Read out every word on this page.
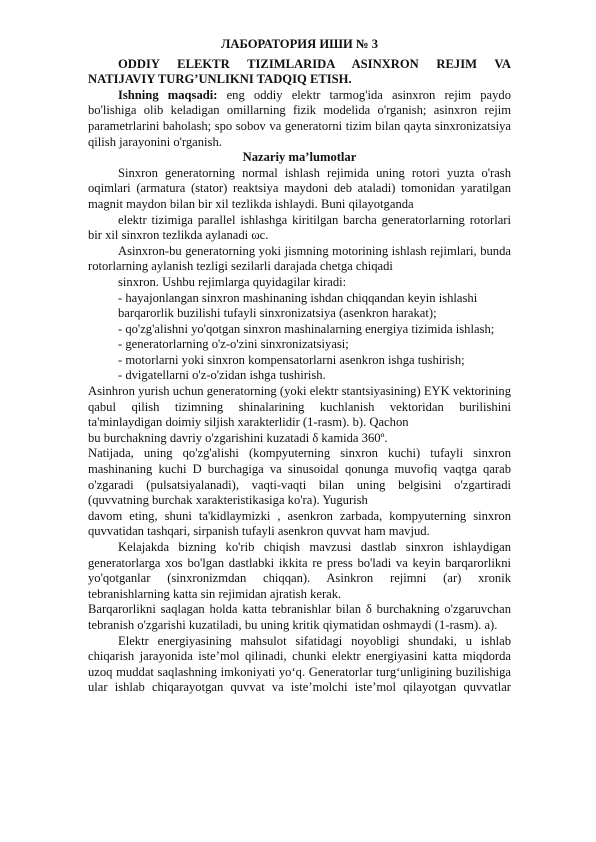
ЛАБОРАТОРИЯ ИШИ № 3
ODDIY ELEKTR TIZIMLARIDA ASINXRON REJIM VA
NATIJAVIY TURG’UNLIKNI TADQIQ ETISH.
Ishning maqsadi: eng oddiy elektr tarmog'ida asinxron rejim paydo
bo'lishiga olib keladigan omillarning fizik modelida o'rganish; asinxron rejim
parametrlarini baholash; spo sobov va generatorni tizim bilan qayta sinxronizatsiya
qilish jarayonini o'rganish.
Nazariy ma’lumotlar
Sinxron generatorning normal ishlash rejimida uning rotori yuzta o'rash
oqimlari (armatura (stator) reaktsiya maydoni deb ataladi) tomonidan yaratilgan
magnit maydon bilan bir xil tezlikda ishlaydi. Buni qilayotganda
elektr tizimiga parallel ishlashga kiritilgan barcha generatorlarning rotorlari
bir xil sinxron tezlikda aylanadi ωc.
Asinxron-bu generatorning yoki jismning motorining ishlash rejimlari, bunda
rotorlarning aylanish tezligi sezilarli darajada chetga chiqadi
sinxron. Ushbu rejimlarga quyidagilar kiradi:
- hayajonlangan sinxron mashinaning ishdan chiqqandan keyin ishlashi
barqarorlik buzilishi tufayli sinxronizatsiya (asenkron harakat);
- qo'zg'alishni yo'qotgan sinxron mashinalarning energiya tizimida ishlash;
- generatorlarning o'z-o'zini sinxronizatsiyasi;
- motorlarni yoki sinxron kompensatorlarni asenkron ishga tushirish;
- dvigatellarni o'z-o'zidan ishga tushirish.
Asinhron yurish uchun generatorning (yoki elektr stantsiyasining) EYK vektorining
qabul qilish tizimning shinalarining kuchlanish vektoridan burilishini
ta'minlaydigan doimiy siljish xarakterlidir (1-rasm). b). Qachon
bu burchakning davriy o'zgarishini kuzatadi δ kamida 360º.
Natijada, uning qo'zg'alishi (kompyuterning sinxron kuchi) tufayli sinxron
mashinaning kuchi D burchagiga va sinusoidal qonunga muvofiq vaqtga qarab
o'zgaradi (pulsatsiyalanadi), vaqti-vaqti bilan uning belgisini o'zgartiradi
(quvvatning burchak xarakteristikasiga ko'ra). Yugurish
davom eting, shuni ta'kidlaymizki , asenkron zarbada, kompyuterning sinxron
quvvatidan tashqari, sirpanish tufayli asenkron quvvat ham mavjud.
Kelajakda bizning ko'rib chiqish mavzusi dastlab sinxron ishlaydigan
generatorlarga xos bo'lgan dastlabki ikkita re press bo'ladi va keyin barqarorlikni
yo'qotganlar (sinxronizmdan chiqqan). Asinkron rejimni (ar) xronik
tebranishlarning katta sin rejimidan ajratish kerak.
Barqarorlikni saqlagan holda katta tebranishlar bilan δ burchakning o'zgaruvchan
tebranish o'zgarishi kuzatiladi, bu uning kritik qiymatidan oshmaydi (1-rasm). a).
Elektr energiyasining mahsulot sifatidagi noyobligi shundaki, u ishlab
chiqarish jarayonida iste’mol qilinadi, chunki elektr energiyasini katta miqdorda
uzoq muddat saqlashning imkoniyati yo‘q. Generatorlar turg‘unligining buzilishiga
ular ishlab chiqarayotgan quvvat va iste’molchi iste’mol qilayotgan quvvatlar
